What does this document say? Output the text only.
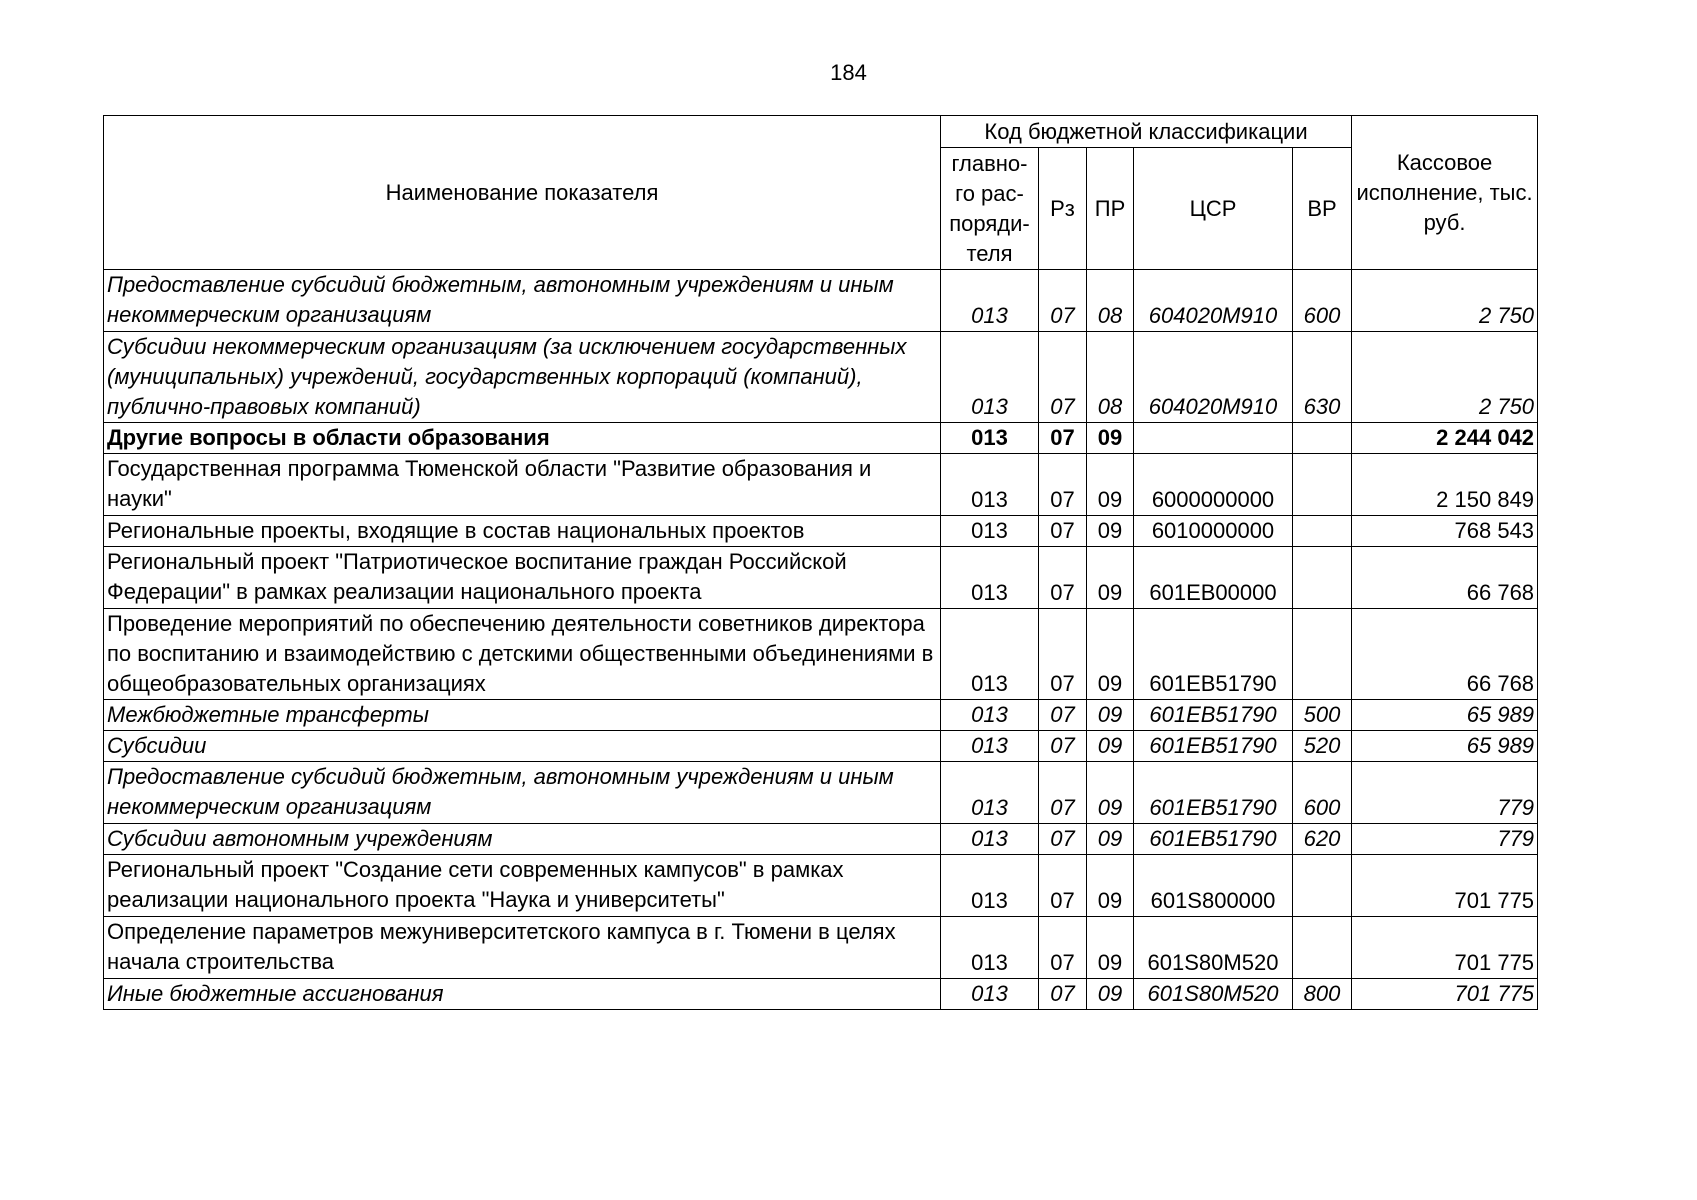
184
Наименование показателя	Код бюджетной классификации					Кассовое исполнение, тыс. руб.
	главно-го рас-поряди-теля	Рз	ПР	ЦСР	ВР	
Предоставление субсидий бюджетным, автономным учреждениям и иным некоммерческим организациям	013	07	08	604020М910	600	2 750
Субсидии некоммерческим организациям (за исключением государственных (муниципальных) учреждений, государственных корпораций (компаний), публично-правовых компаний)	013	07	08	604020М910	630	2 750
Другие вопросы в области образования	013	07	09			2 244 042
Государственная программа Тюменской области "Развитие образования и науки"	013	07	09	6000000000		2 150 849
Региональные проекты, входящие в состав национальных проектов	013	07	09	6010000000		768 543
Региональный проект "Патриотическое воспитание граждан Российской Федерации" в рамках реализации национального проекта	013	07	09	601EB00000		66 768
Проведение мероприятий по обеспечению деятельности советников директора по воспитанию и взаимодействию с детскими общественными объединениями в общеобразовательных организациях	013	07	09	601EB51790		66 768
Межбюджетные трансферты	013	07	09	601EB51790	500	65 989
Субсидии	013	07	09	601EB51790	520	65 989
Предоставление субсидий бюджетным, автономным учреждениям и иным некоммерческим организациям	013	07	09	601EB51790	600	779
Субсидии автономным учреждениям	013	07	09	601EB51790	620	779
Региональный проект "Создание сети современных кампусов" в рамках реализации национального проекта "Наука и университеты"	013	07	09	601S800000		701 775
Определение параметров межуниверситетского кампуса в г. Тюмени в целях начала строительства	013	07	09	601S80M520		701 775
Иные бюджетные ассигнования	013	07	09	601S80M520	800	701 775
